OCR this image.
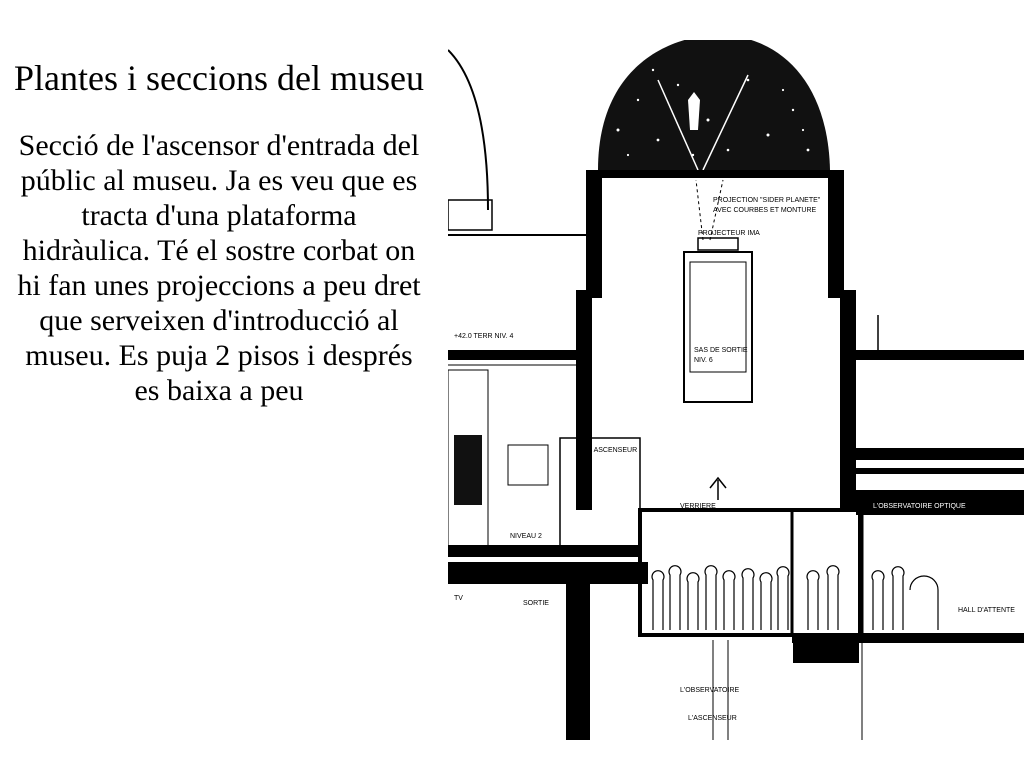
Plantes i seccions del museu

Secció de l'ascensor d'entrada del públic al museu. Ja es veu que es tracta d'una plataforma hidràulica. Té el sostre corbat on hi fan unes projeccions a peu dret que serveixen d'introducció al museu. Es puja 2 pisos i després es baixa a peu

PROJECTION "SIDER PLANETE"
AVEC COURBES ET MONTURE
PROJECTEUR IMA
+42.0 TERR NIV. 4
SAS DE SORTIE
NIV. 6
SAS ASCENSEUR
NIVEAU 2
VERRIERE	L'OBSERVATOIRE OPTIQUE
TV
SORTIE
HALL D'ATTENTE
L'OBSERVATOIRE
L'ASCENSEUR
